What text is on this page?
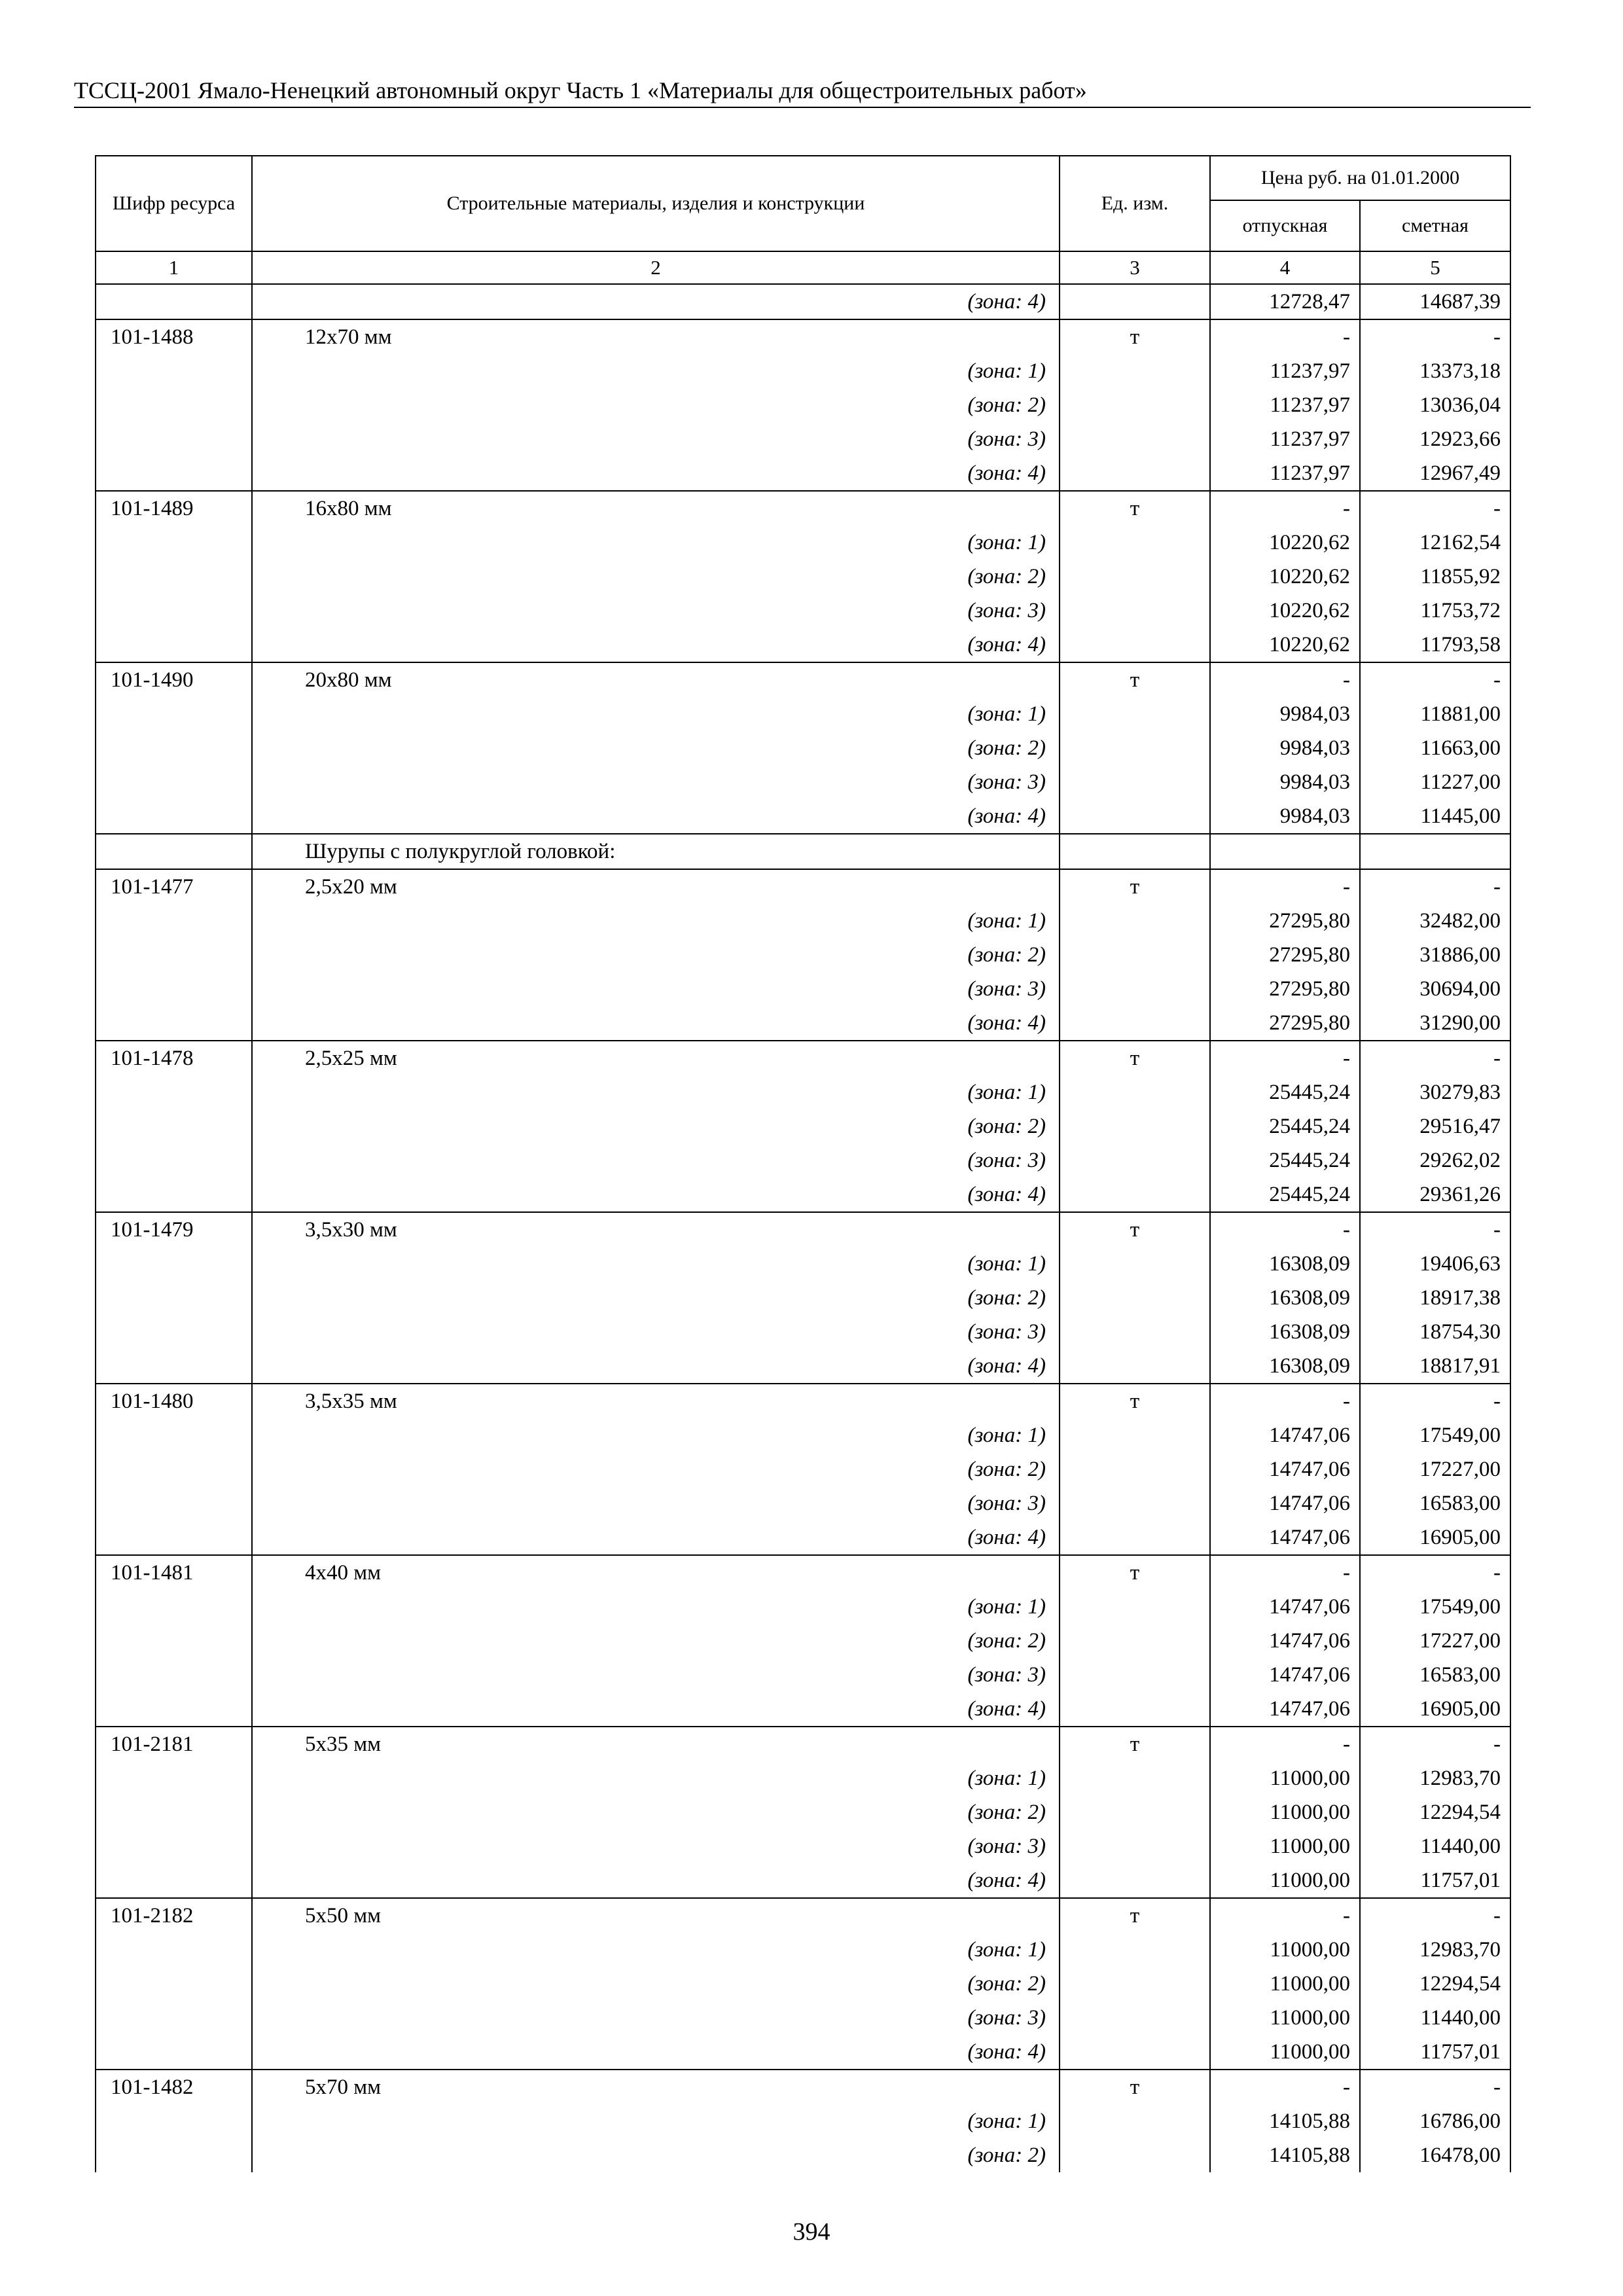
ТССЦ-2001 Ямало-Ненецкий автономный округ Часть 1 «Материалы для общестроительных работ»
Шифр ресурса	Строительные материалы, изделия и конструкции	Ед. изм.	Цена руб. на 01.01.2000	
			отпускная	сметная
1	2	3	4	5
	(зона: 4)		12728,47	14687,39
101-1488	12х70 мм	т	-	-
	(зона: 1)		11237,97	13373,18
	(зона: 2)		11237,97	13036,04
	(зона: 3)		11237,97	12923,66
	(зона: 4)		11237,97	12967,49
101-1489	16х80 мм	т	-	-
	(зона: 1)		10220,62	12162,54
	(зона: 2)		10220,62	11855,92
	(зона: 3)		10220,62	11753,72
	(зона: 4)		10220,62	11793,58
101-1490	20х80 мм	т	-	-
	(зона: 1)		9984,03	11881,00
	(зона: 2)		9984,03	11663,00
	(зона: 3)		9984,03	11227,00
	(зона: 4)		9984,03	11445,00
	Шурупы с полукруглой головкой:			
101-1477	2,5х20 мм	т	-	-
	(зона: 1)		27295,80	32482,00
	(зона: 2)		27295,80	31886,00
	(зона: 3)		27295,80	30694,00
	(зона: 4)		27295,80	31290,00
101-1478	2,5х25 мм	т	-	-
	(зона: 1)		25445,24	30279,83
	(зона: 2)		25445,24	29516,47
	(зона: 3)		25445,24	29262,02
	(зона: 4)		25445,24	29361,26
101-1479	3,5х30 мм	т	-	-
	(зона: 1)		16308,09	19406,63
	(зона: 2)		16308,09	18917,38
	(зона: 3)		16308,09	18754,30
	(зона: 4)		16308,09	18817,91
101-1480	3,5х35 мм	т	-	-
	(зона: 1)		14747,06	17549,00
	(зона: 2)		14747,06	17227,00
	(зона: 3)		14747,06	16583,00
	(зона: 4)		14747,06	16905,00
101-1481	4х40 мм	т	-	-
	(зона: 1)		14747,06	17549,00
	(зона: 2)		14747,06	17227,00
	(зона: 3)		14747,06	16583,00
	(зона: 4)		14747,06	16905,00
101-2181	5х35 мм	т	-	-
	(зона: 1)		11000,00	12983,70
	(зона: 2)		11000,00	12294,54
	(зона: 3)		11000,00	11440,00
	(зона: 4)		11000,00	11757,01
101-2182	5х50 мм	т	-	-
	(зона: 1)		11000,00	12983,70
	(зона: 2)		11000,00	12294,54
	(зона: 3)		11000,00	11440,00
	(зона: 4)		11000,00	11757,01
101-1482	5х70 мм	т	-	-
	(зона: 1)		14105,88	16786,00
	(зона: 2)		14105,88	16478,00
394
